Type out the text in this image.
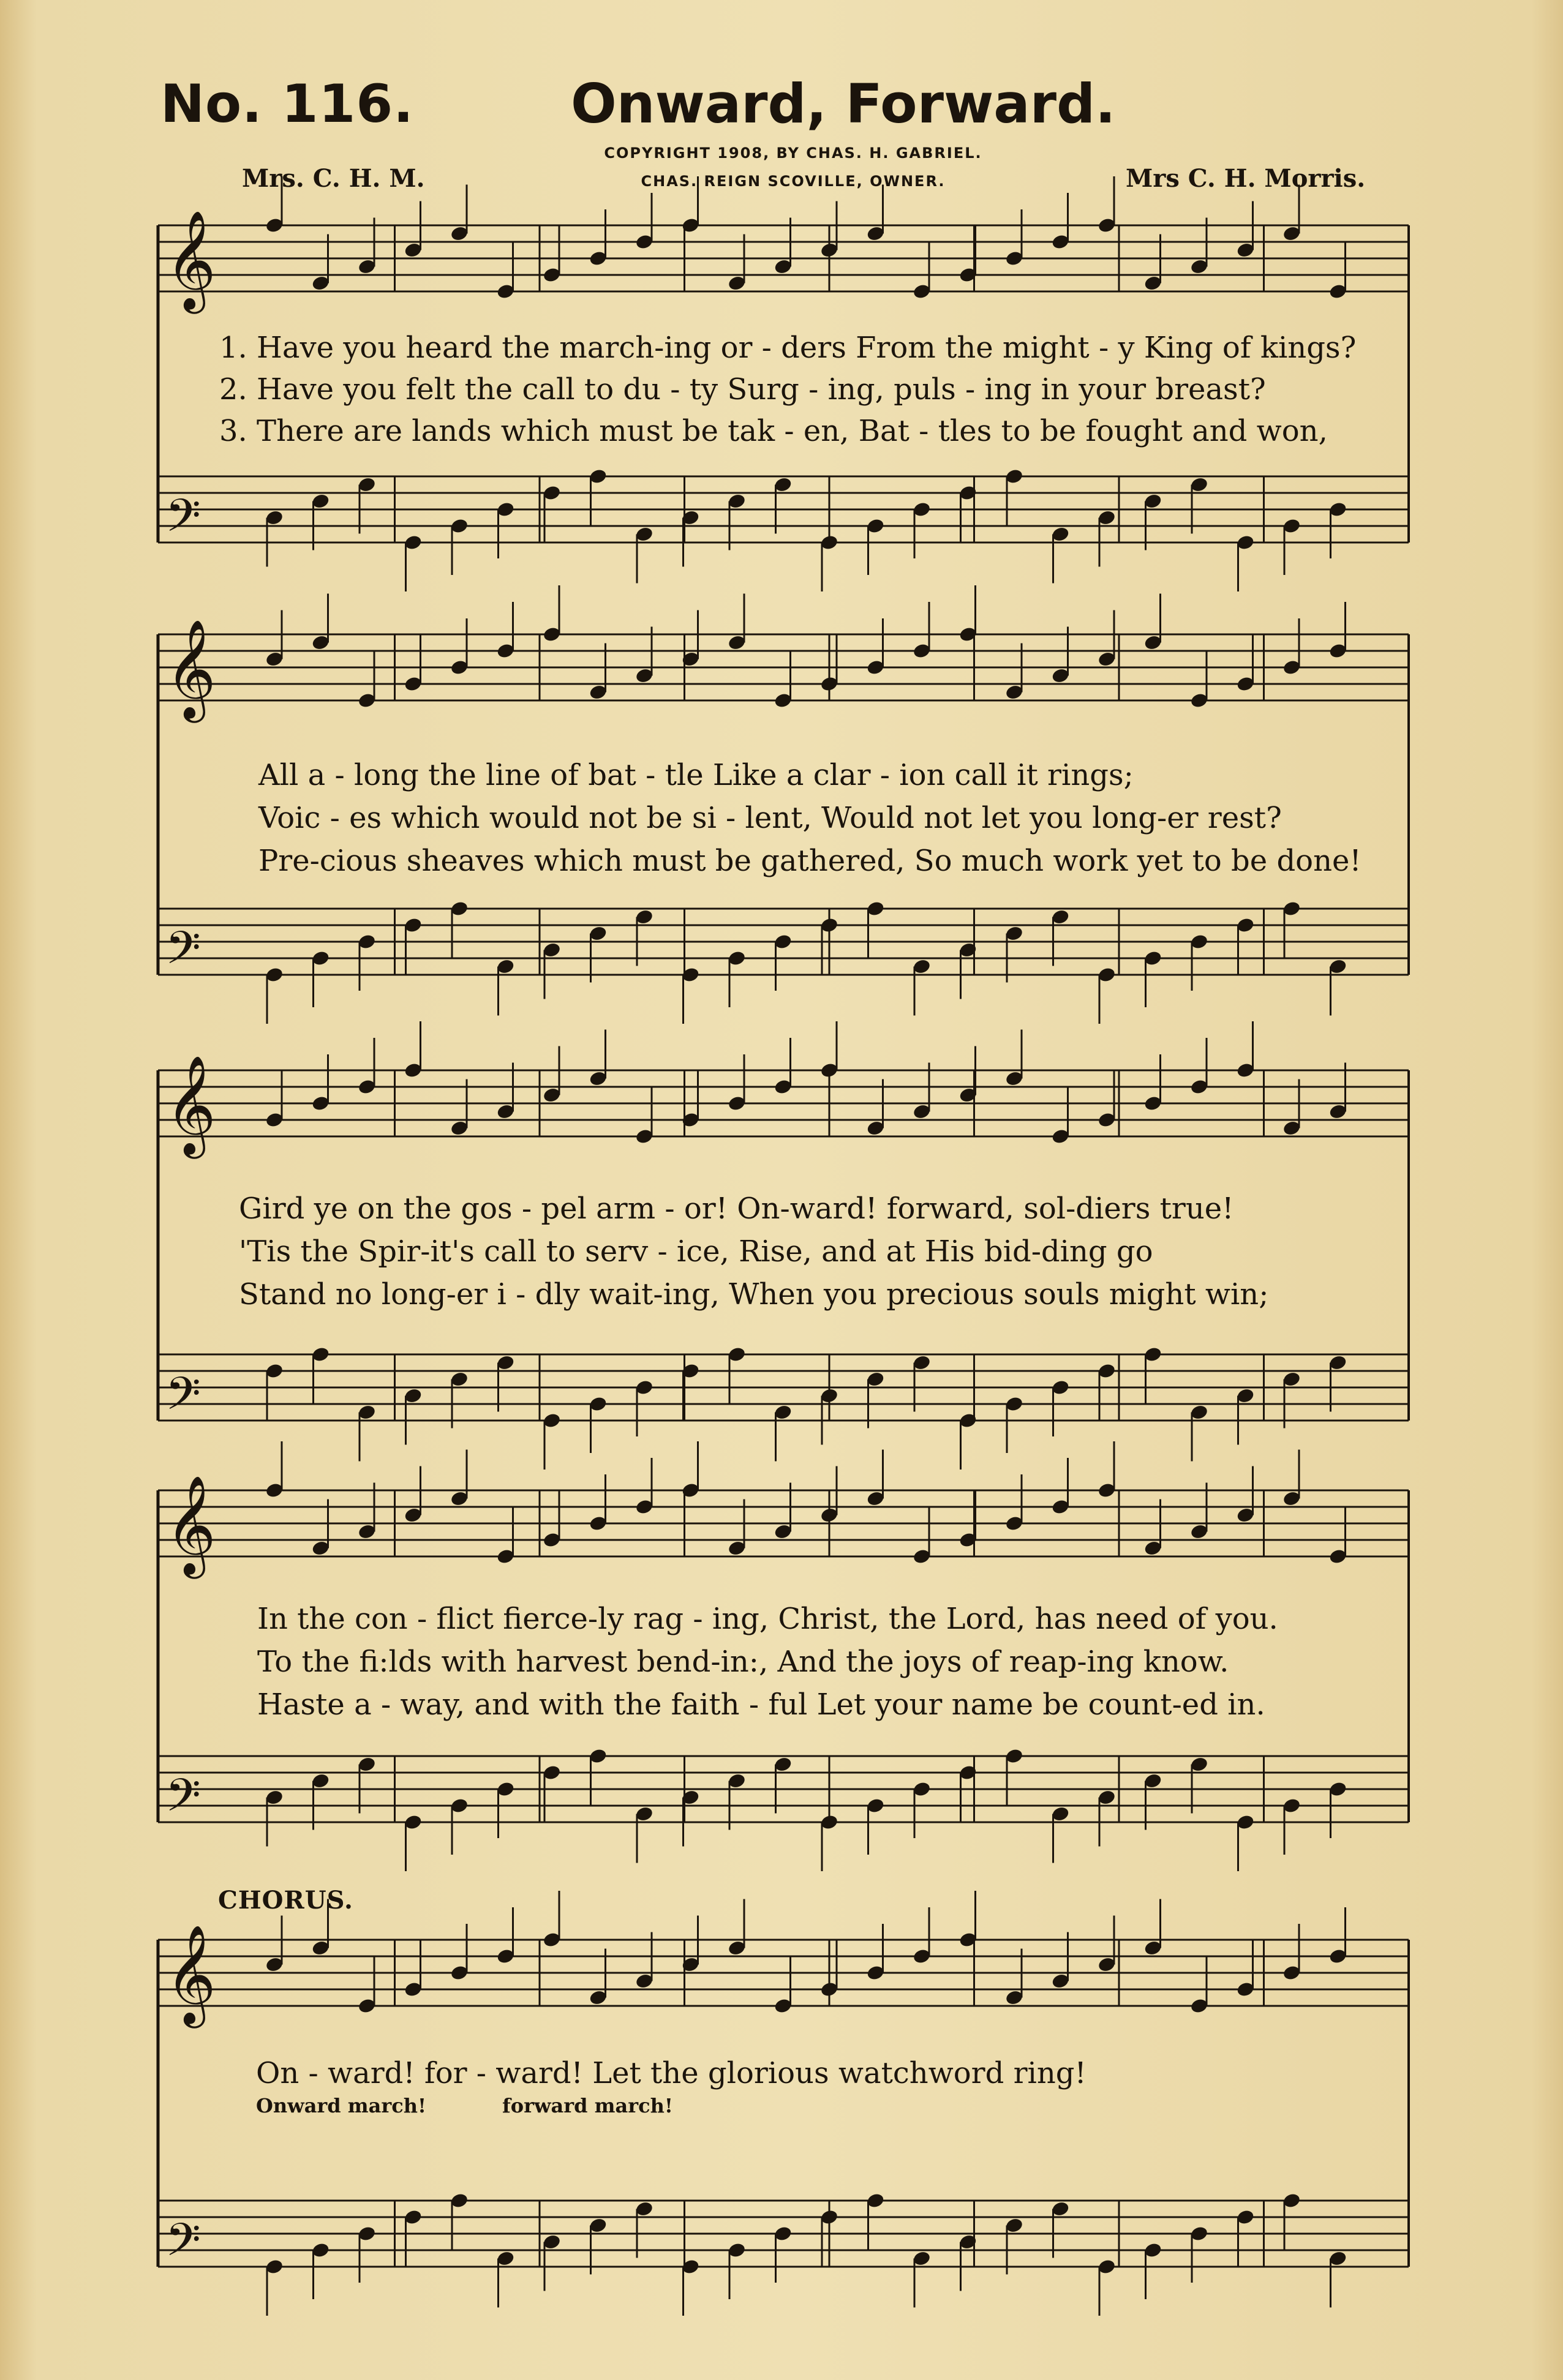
No. 116.	Onward, Forward.
Mrs. C. H. M.	Mrs C. H. Morris.
COPYRIGHT 1908, BY CHAS. H. GABRIEL.
CHAS. REIGN SCOVILLE, OWNER.
𝄞
𝄢
𝄞
𝄢
𝄞
𝄢
𝄞
𝄢
𝄞
𝄢
1. Have you heard the march-ing or - ders From the might - y King of kings?
2. Have you felt the call to du - ty Surg - ing, puls - ing in your breast?
3. There are lands which must be tak - en, Bat - tles to be fought and won,
All a - long the line of bat - tle Like a clar - ion call it rings;
Voic - es which would not be si - lent, Would not let you long-er rest?
Pre-cious sheaves which must be gathered, So much work yet to be done!
Gird ye on the gos - pel arm - or! On-ward! forward, sol-diers true!
'Tis the Spir-it's call to serv - ice, Rise, and at His bid-ding go
Stand no long-er i - dly wait-ing, When you precious souls might win;
In the con - flict fierce-ly rag - ing, Christ, the Lord, has need of you.
To the fi:lds with harvest bend-in:, And the joys of reap-ing know.
Haste a - way, and with the faith - ful Let your name be count-ed in.
CHORUS.
On - ward! for - ward! Let the glorious watchword ring!
Onward march!	forward march!
